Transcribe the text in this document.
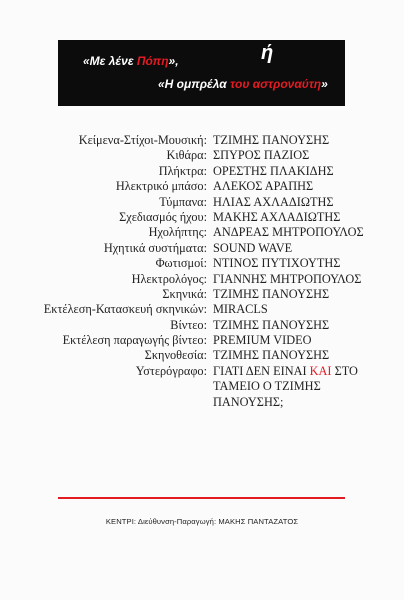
«Με λένε Πόπη»,	ή
«Η ομπρέλα του αστροναύτη»
Κείμενα-Στίχοι-Μουσική: ΤΖΙΜΗΣ ΠΑΝΟΥΣΗΣ
Κιθάρα: ΣΠΥΡΟΣ ΠΑΖΙΟΣ
Πλήκτρα: ΟΡΕΣΤΗΣ ΠΛΑΚΙΔΗΣ
Ηλεκτρικό μπάσο: ΑΛΕΚΟΣ ΑΡΑΠΗΣ
Τύμπανα: ΗΛΙΑΣ ΑΧΛΑΔΙΩΤΗΣ
Σχεδιασμός ήχου: ΜΑΚΗΣ ΑΧΛΑΔΙΩΤΗΣ
Ηχολήπτης: ΑΝΔΡΕΑΣ ΜΗΤΡΟΠΟΥΛΟΣ
Ηχητικά συστήματα: SOUND WAVE
Φωτισμοί: ΝΤΙΝΟΣ ΠΥΤΙΧΟΥΤΗΣ
Ηλεκτρολόγος: ΓΙΑΝΝΗΣ ΜΗΤΡΟΠΟΥΛΟΣ
Σκηνικά: ΤΖΙΜΗΣ ΠΑΝΟΥΣΗΣ
Εκτέλεση-Κατασκευή σκηνικών: MIRACLS
Βίντεο: ΤΖΙΜΗΣ ΠΑΝΟΥΣΗΣ
Εκτέλεση παραγωγής βίντεο: PREMIUM VIDEO
Σκηνοθεσία: ΤΖΙΜΗΣ ΠΑΝΟΥΣΗΣ
Υστερόγραφο: ΓΙΑΤΙ ΔΕΝ ΕΙΝΑΙ ΚΑΙ ΣΤΟ ΤΑΜΕΙΟ Ο ΤΖΙΜΗΣ ΠΑΝΟΥΣΗΣ;
ΚΕΝΤΡΙ: Διεύθυνση-Παραγωγή: ΜΑΚΗΣ ΠΑΝΤΑΖΑΤΟΣ
